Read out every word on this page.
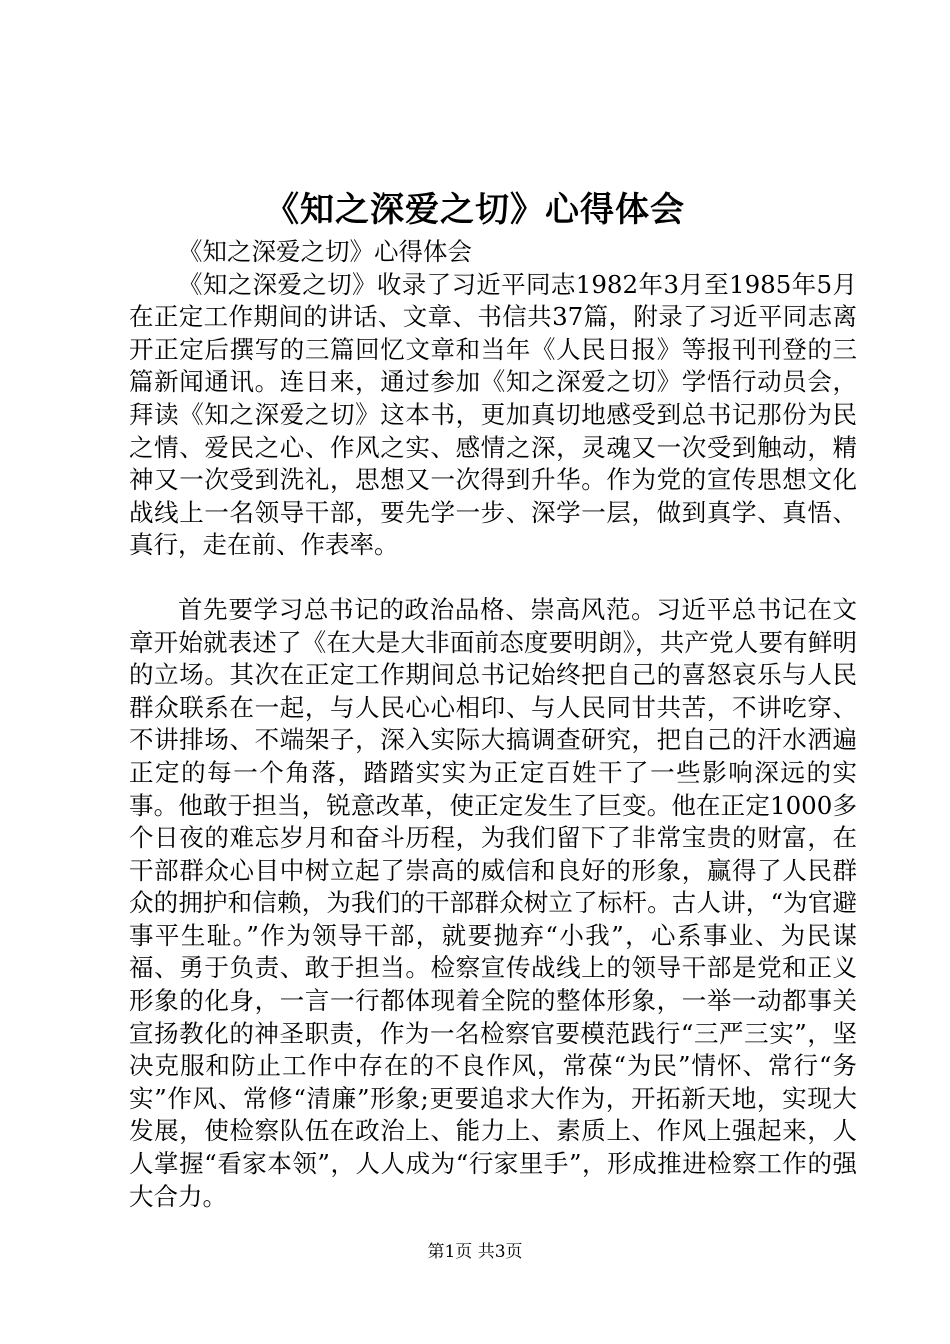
《知之深爱之切》心得体会

《知之深爱之切》心得体会

《知之深爱之切》收录了习近平同志1982年3月至1985年5月在正定工作期间的讲话、文章、书信共37篇，附录了习近平同志离开正定后撰写的三篇回忆文章和当年《人民日报》等报刊刊登的三篇新闻通讯。连日来，通过参加《知之深爱之切》学悟行动员会，拜读《知之深爱之切》这本书，更加真切地感受到总书记那份为民之情、爱民之心、作风之实、感情之深，灵魂又一次受到触动，精神又一次受到洗礼，思想又一次得到升华。作为党的宣传思想文化战线上一名领导干部，要先学一步、深学一层，做到真学、真悟、真行，走在前、作表率。

首先要学习总书记的政治品格、崇高风范。习近平总书记在文章开始就表述了《在大是大非面前态度要明朗》，共产党人要有鲜明的立场。其次在正定工作期间总书记始终把自己的喜怒哀乐与人民群众联系在一起，与人民心心相印、与人民同甘共苦，不讲吃穿、不讲排场、不端架子，深入实际大搞调查研究，把自己的汗水洒遍正定的每一个角落，踏踏实实为正定百姓干了一些影响深远的实事。他敢于担当，锐意改革，使正定发生了巨变。他在正定1000多个日夜的难忘岁月和奋斗历程，为我们留下了非常宝贵的财富，在干部群众心目中树立起了崇高的威信和良好的形象，赢得了人民群众的拥护和信赖，为我们的干部群众树立了标杆。古人讲，“为官避事平生耻。”作为领导干部，就要抛弃“小我”，心系事业、为民谋福、勇于负责、敢于担当。检察宣传战线上的领导干部是党和正义形象的化身，一言一行都体现着全院的整体形象，一举一动都事关宣扬教化的神圣职责，作为一名检察官要模范践行“三严三实”，坚决克服和防止工作中存在的不良作风，常葆“为民”情怀、常行“务实”作风、常修“清廉”形象;更要追求大作为，开拓新天地，实现大发展，使检察队伍在政治上、能力上、素质上、作风上强起来，人人掌握“看家本领”，人人成为“行家里手”，形成推进检察工作的强大合力。

第1页 共3页
